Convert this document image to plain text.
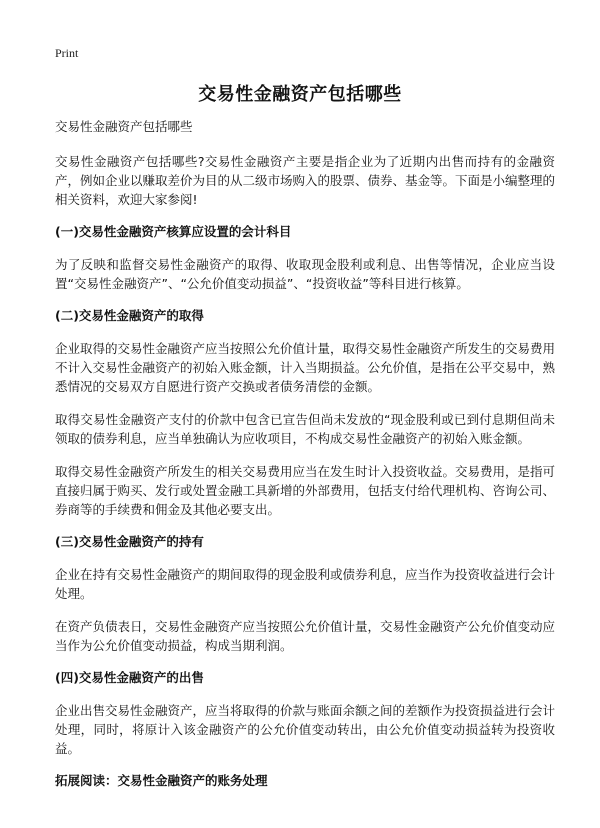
Print
交易性金融资产包括哪些

交易性金融资产包括哪些

交易性金融资产包括哪些?交易性金融资产主要是指企业为了近期内出售而持有的金融资产，例如企业以赚取差价为目的从二级市场购入的股票、债券、基金等。下面是小编整理的相关资料，欢迎大家参阅!

(一)交易性金融资产核算应设置的会计科目

为了反映和监督交易性金融资产的取得、收取现金股利或利息、出售等情况，企业应当设置“交易性金融资产”、“公允价值变动损益”、“投资收益”等科目进行核算。

(二)交易性金融资产的取得

企业取得的交易性金融资产应当按照公允价值计量，取得交易性金融资产所发生的交易费用不计入交易性金融资产的初始入账金额，计入当期损益。公允价值，是指在公平交易中，熟悉情况的交易双方自愿进行资产交换或者债务清偿的金额。

取得交易性金融资产支付的价款中包含已宣告但尚未发放的“现金股利或已到付息期但尚未领取的债券利息，应当单独确认为应收项目，不构成交易性金融资产的初始入账金额。

取得交易性金融资产所发生的相关交易费用应当在发生时计入投资收益。交易费用，是指可直接归属于购买、发行或处置金融工具新增的外部费用，包括支付给代理机构、咨询公司、券商等的手续费和佣金及其他必要支出。

(三)交易性金融资产的持有

企业在持有交易性金融资产的期间取得的现金股利或债券利息，应当作为投资收益进行会计处理。

在资产负债表日，交易性金融资产应当按照公允价值计量，交易性金融资产公允价值变动应当作为公允价值变动损益，构成当期利润。

(四)交易性金融资产的出售

企业出售交易性金融资产，应当将取得的价款与账面余额之间的差额作为投资损益进行会计处理，同时，将原计入该金融资产的公允价值变动转出，由公允价值变动损益转为投资收益。

拓展阅读：交易性金融资产的账务处理
